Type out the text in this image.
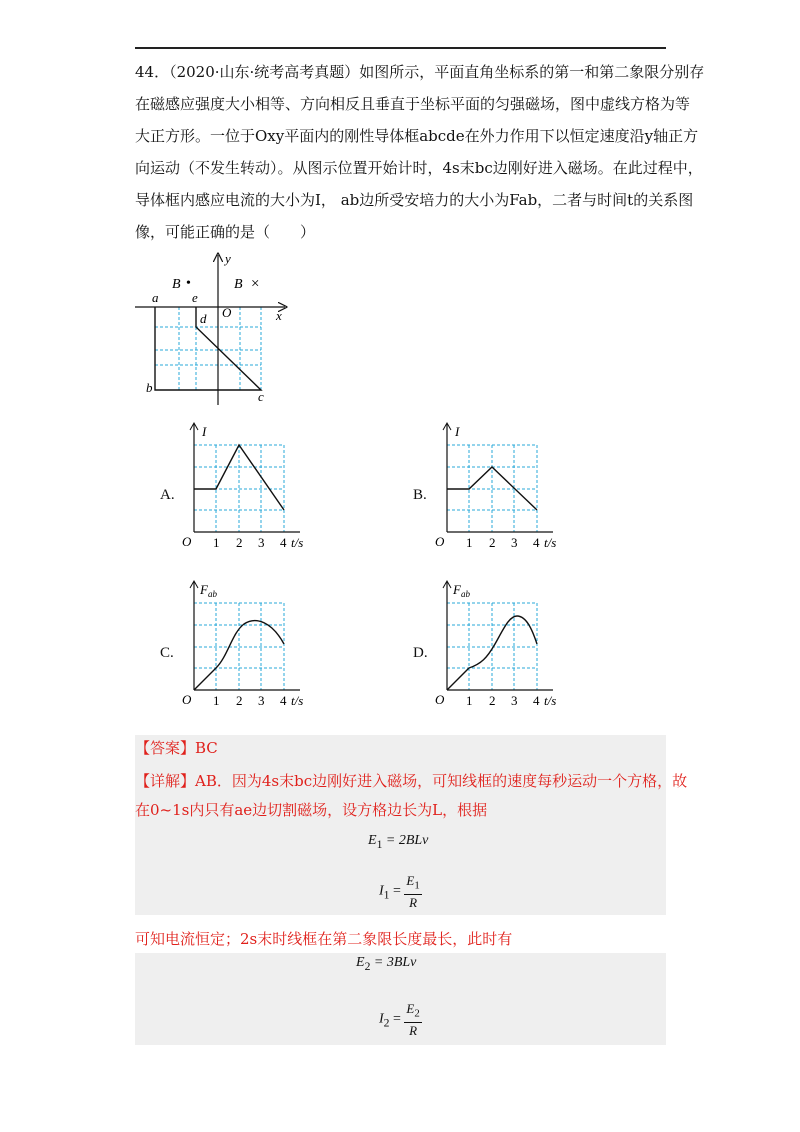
44．（2020·山东·统考高考真题）如图所示，平面直角坐标系的第一和第二象限分别存
在磁感应强度大小相等、方向相反且垂直于坐标平面的匀强磁场，图中虚线方格为等
大正方形。一位于Oxy平面内的刚性导体框abcde在外力作用下以恒定速度沿y轴正方
向运动（不发生转动）。从图示位置开始计时，4s末bc边刚好进入磁场。在此过程中，
导体框内感应电流的大小为I， ab边所受安培力的大小为Fab，二者与时间t的关系图
像，可能正确的是（　　）
a	e
d
b
c
O
y
x
B •	B ×
A.	B.
C.	D.
I
O 1 2 3 4 t/s
I
O 1 2 3 4 t/s
$F_{ab}$
O 1 2 3 4 t/s
$F_{ab}$
O 1 2 3 4 t/s
【答案】BC
【详解】AB．因为4s末bc边刚好进入磁场，可知线框的速度每秒运动一个方格，故
在0~1s内只有ae边切割磁场，设方格边长为L，根据
$E_1 = 2BLv$
$I_1 = \frac{E_1}{R}$
可知电流恒定；2s末时线框在第二象限长度最长，此时有
$E_2 = 3BLv$
$I_2 = \frac{E_2}{R}$
